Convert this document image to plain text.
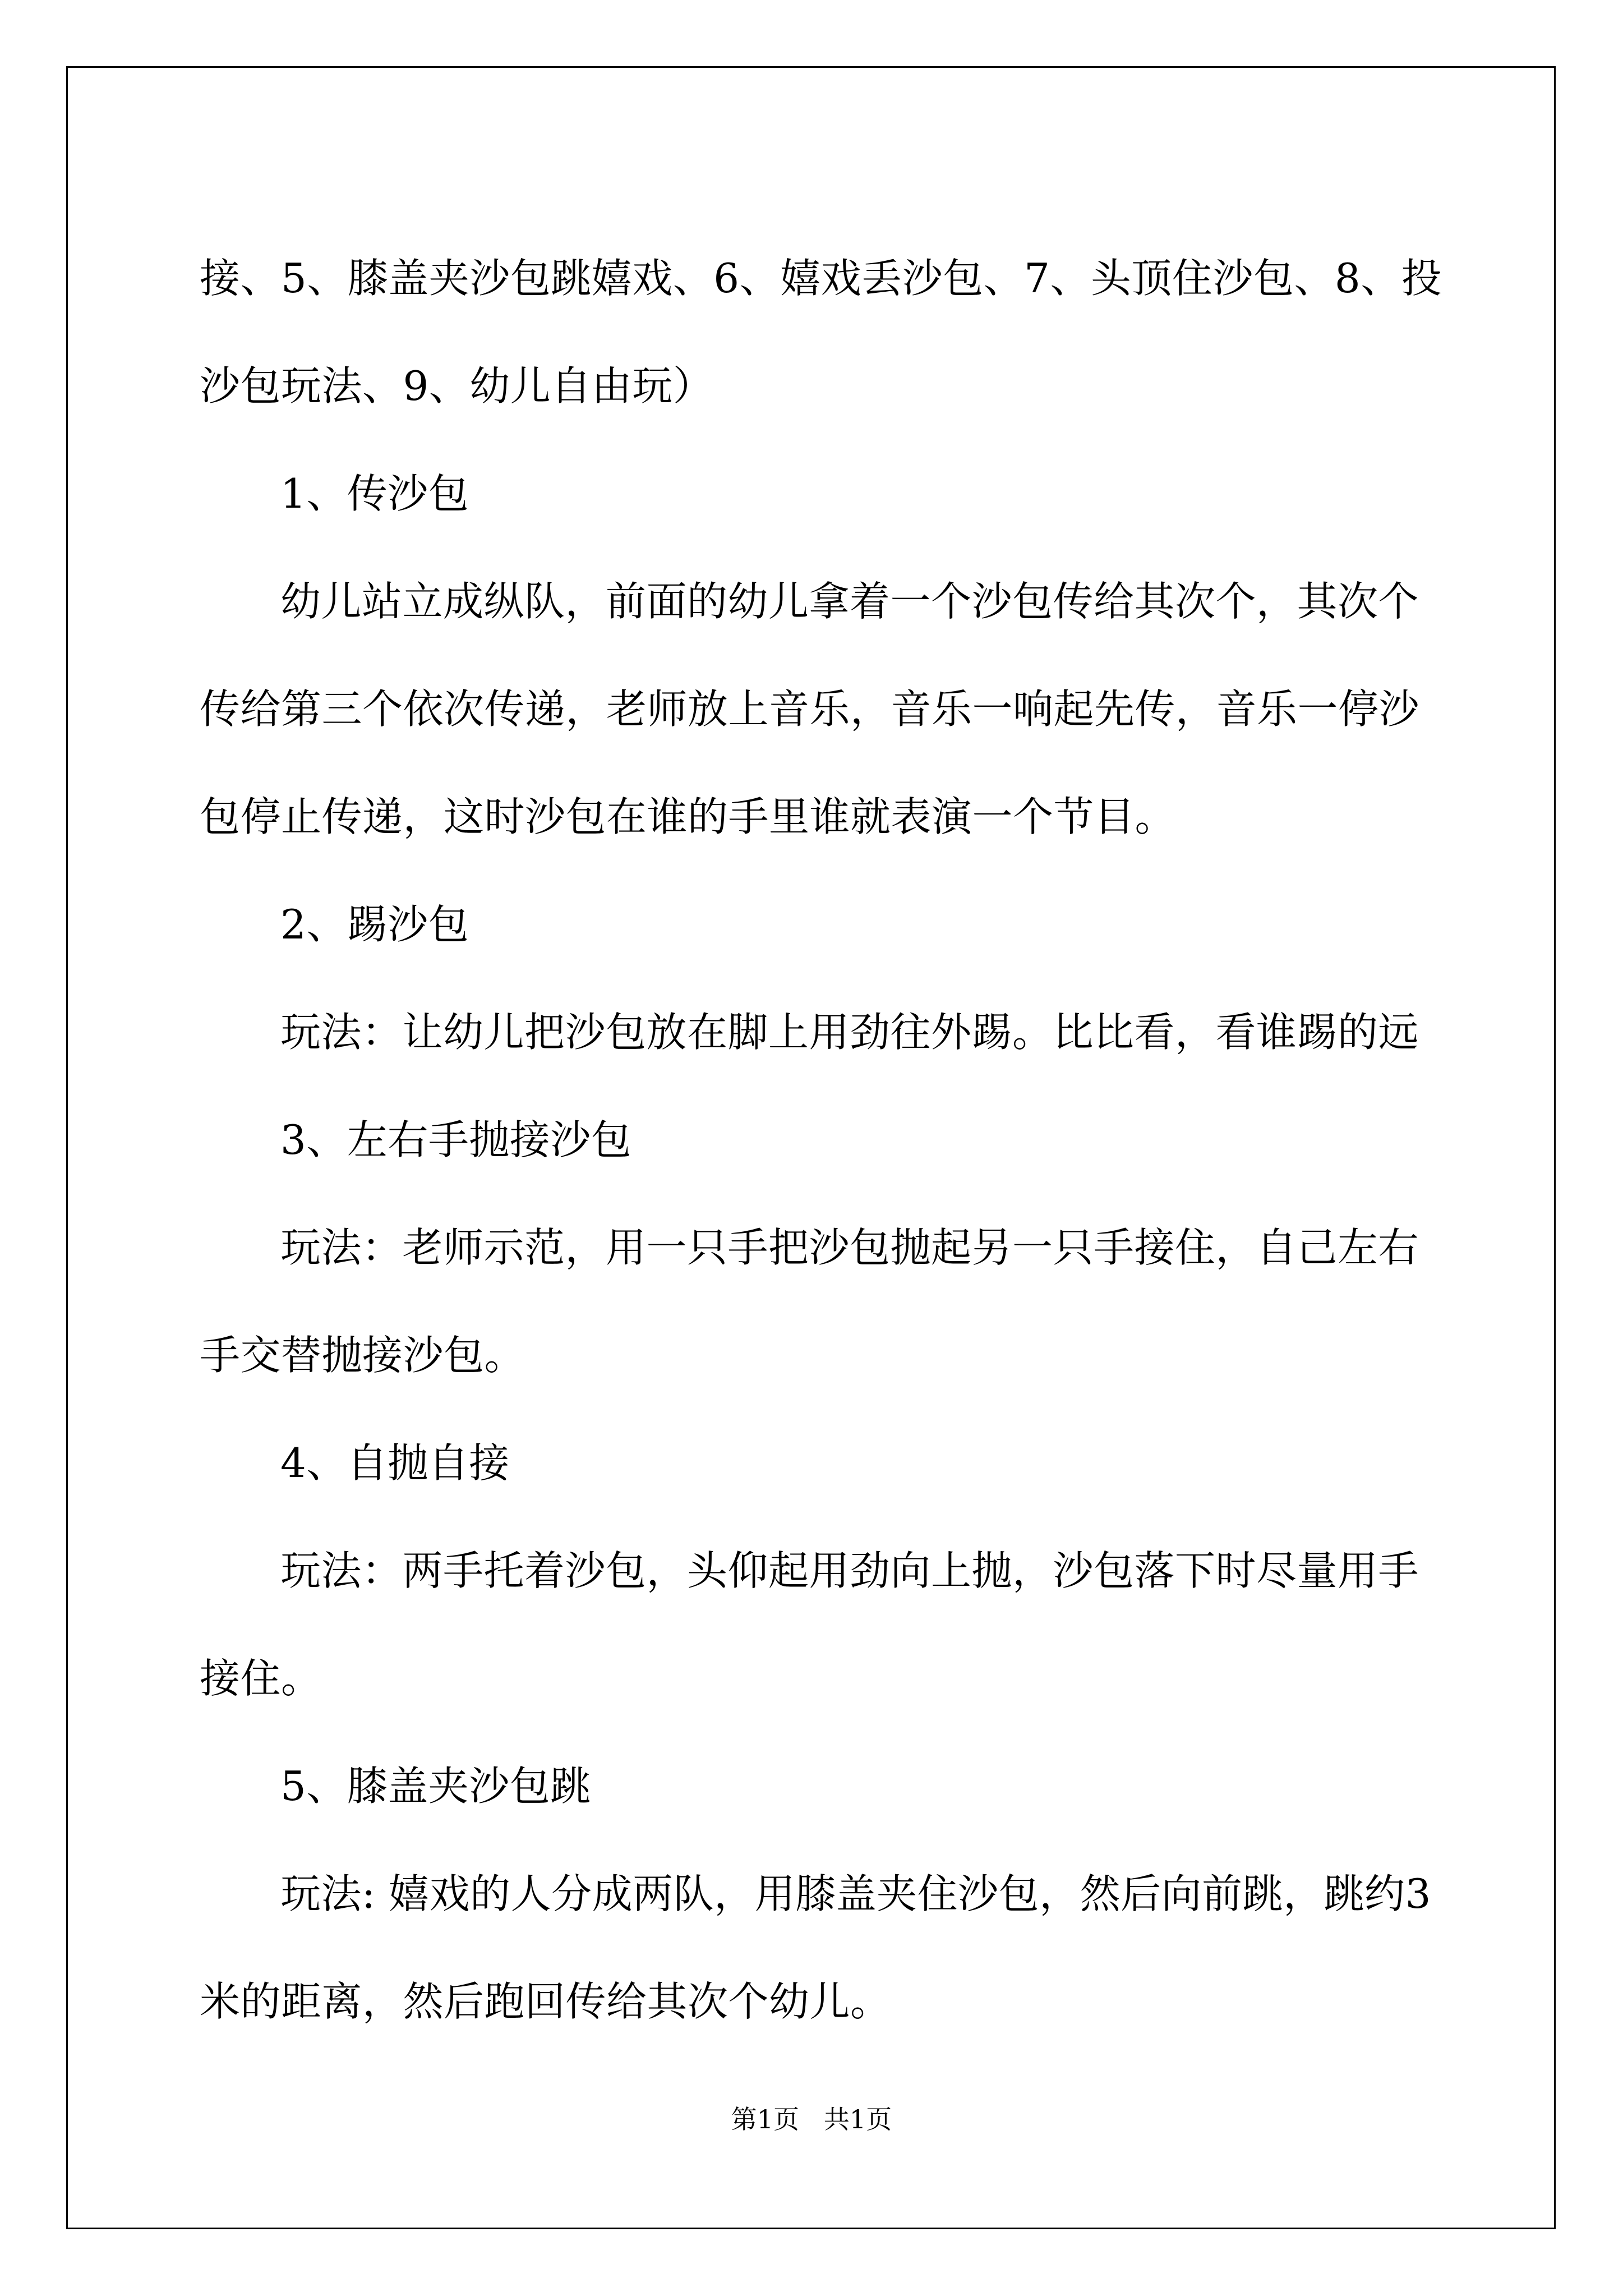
接、5、膝盖夹沙包跳嬉戏、6、嬉戏丢沙包、7、头顶住沙包、8、投
沙包玩法、9、幼儿自由玩）
1、传沙包
幼儿站立成纵队，前面的幼儿拿着一个沙包传给其次个，其次个
传给第三个依次传递，老师放上音乐，音乐一响起先传，音乐一停沙
包停止传递，这时沙包在谁的手里谁就表演一个节目。
2、踢沙包
玩法：让幼儿把沙包放在脚上用劲往外踢。比比看，看谁踢的远
3、左右手抛接沙包
玩法：老师示范，用一只手把沙包抛起另一只手接住，自己左右
手交替抛接沙包。
4、自抛自接
玩法：两手托着沙包，头仰起用劲向上抛，沙包落下时尽量用手
接住。
5、膝盖夹沙包跳
玩法: 嬉戏的人分成两队，用膝盖夹住沙包，然后向前跳，跳约3
米的距离，然后跑回传给其次个幼儿。
第1页   共1页
